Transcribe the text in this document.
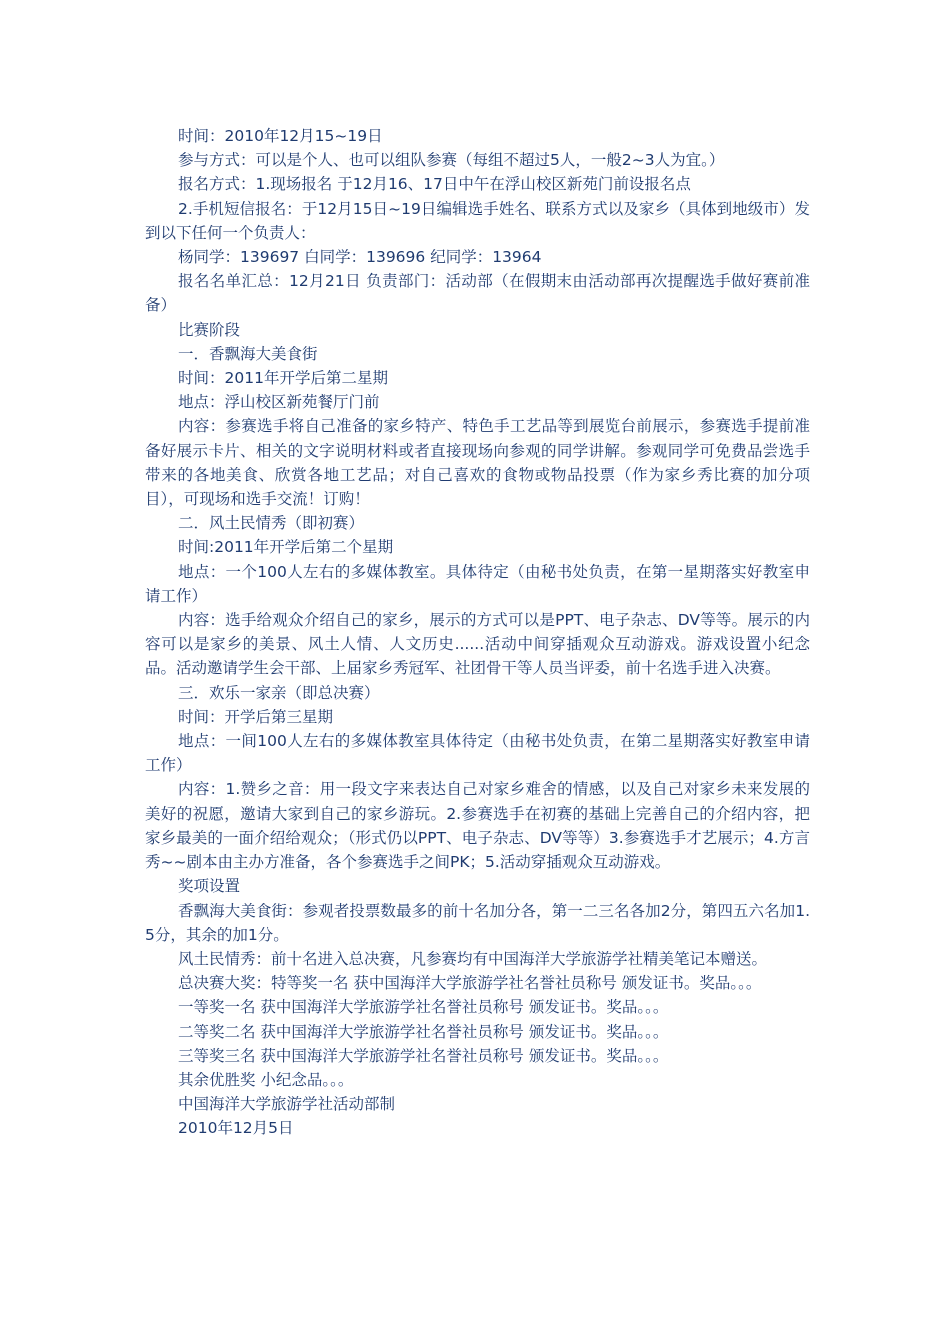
时间：2010年12月15~19日

参与方式：可以是个人、也可以组队参赛（每组不超过5人，一般2~3人为宜。）

报名方式：1.现场报名 于12月16、17日中午在浮山校区新苑门前设报名点

2.手机短信报名：于12月15日~19日编辑选手姓名、联系方式以及家乡（具体到地级市）发到以下任何一个负责人：

杨同学：139697 白同学：139696 纪同学：13964

报名名单汇总：12月21日 负责部门：活动部（在假期末由活动部再次提醒选手做好赛前准备）

比赛阶段

一．香飘海大美食街

时间：2011年开学后第二星期

地点：浮山校区新苑餐厅门前

内容：参赛选手将自己准备的家乡特产、特色手工艺品等到展览台前展示，参赛选手提前准备好展示卡片、相关的文字说明材料或者直接现场向参观的同学讲解。参观同学可免费品尝选手带来的各地美食、欣赏各地工艺品；对自己喜欢的食物或物品投票（作为家乡秀比赛的加分项目），可现场和选手交流！订购！

二．风土民情秀（即初赛）

时间:2011年开学后第二个星期

地点：一个100人左右的多媒体教室。具体待定（由秘书处负责，在第一星期落实好教室申请工作）

内容：选手给观众介绍自己的家乡，展示的方式可以是PPT、电子杂志、DV等等。展示的内容可以是家乡的美景、风土人情、人文历史......活动中间穿插观众互动游戏。游戏设置小纪念品。活动邀请学生会干部、上届家乡秀冠军、社团骨干等人员当评委，前十名选手进入决赛。

三．欢乐一家亲（即总决赛）

时间：开学后第三星期

地点：一间100人左右的多媒体教室具体待定（由秘书处负责，在第二星期落实好教室申请工作）

内容：1.赞乡之音：用一段文字来表达自己对家乡难舍的情感，以及自己对家乡未来发展的美好的祝愿，邀请大家到自己的家乡游玩。2.参赛选手在初赛的基础上完善自己的介绍内容，把家乡最美的一面介绍给观众；（形式仍以PPT、电子杂志、DV等等）3.参赛选手才艺展示；4.方言秀~~剧本由主办方准备，各个参赛选手之间PK；5.活动穿插观众互动游戏。

奖项设置

香飘海大美食街：参观者投票数最多的前十名加分各，第一二三名各加2分，第四五六名加1.5分，其余的加1分。

风土民情秀：前十名进入总决赛，凡参赛均有中国海洋大学旅游学社精美笔记本赠送。

总决赛大奖：特等奖一名 获中国海洋大学旅游学社名誉社员称号 颁发证书。奖品。。。

一等奖一名 获中国海洋大学旅游学社名誉社员称号 颁发证书。奖品。。。

二等奖二名 获中国海洋大学旅游学社名誉社员称号 颁发证书。奖品。。。

三等奖三名 获中国海洋大学旅游学社名誉社员称号 颁发证书。奖品。。。

其余优胜奖 小纪念品。。。

中国海洋大学旅游学社活动部制

2010年12月5日
